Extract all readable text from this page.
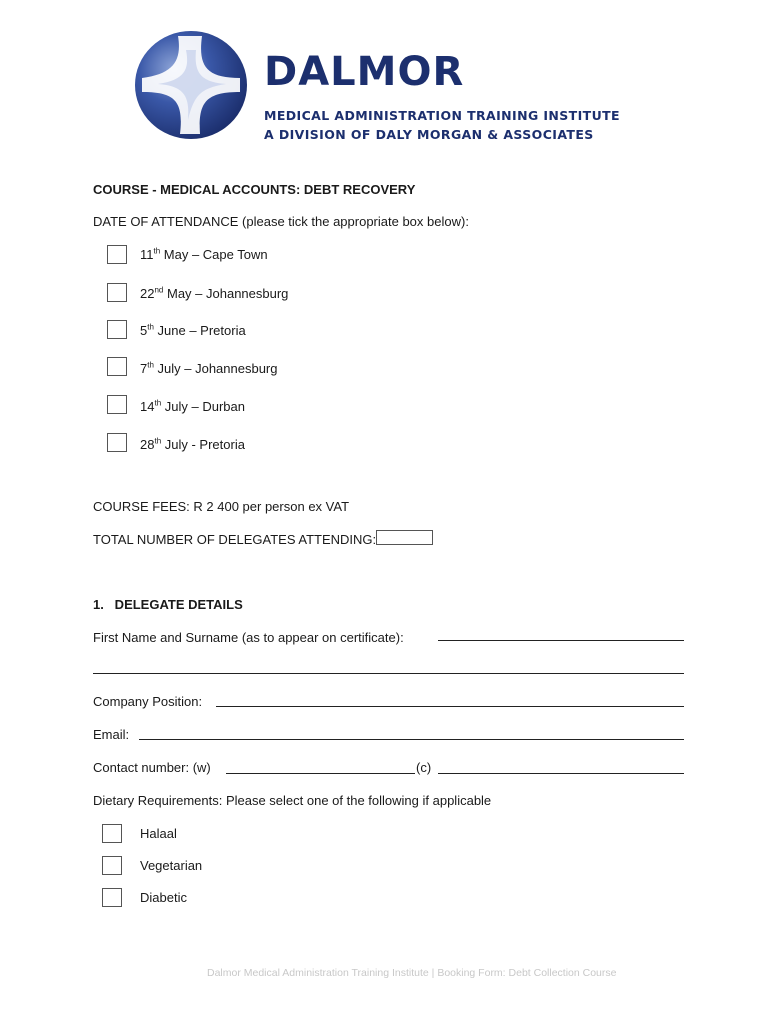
DALMOR
MEDICAL ADMINISTRATION TRAINING INSTITUTE
A DIVISION OF DALY MORGAN & ASSOCIATES
COURSE - MEDICAL ACCOUNTS: DEBT RECOVERY
DATE OF ATTENDANCE (please tick the appropriate box below):
11th May – Cape Town
22nd May – Johannesburg
5th June – Pretoria
7th July – Johannesburg
14th July – Durban
28th July - Pretoria
COURSE FEES: R 2 400 per person ex VAT
TOTAL NUMBER OF DELEGATES ATTENDING:
1.   DELEGATE DETAILS
First Name and Surname (as to appear on certificate):
Company Position:
Email:
Contact number: (w)	(c)
Dietary Requirements: Please select one of the following if applicable
Halaal
Vegetarian
Diabetic
Dalmor Medical Administration Training Institute | Booking Form: Debt Collection Course
